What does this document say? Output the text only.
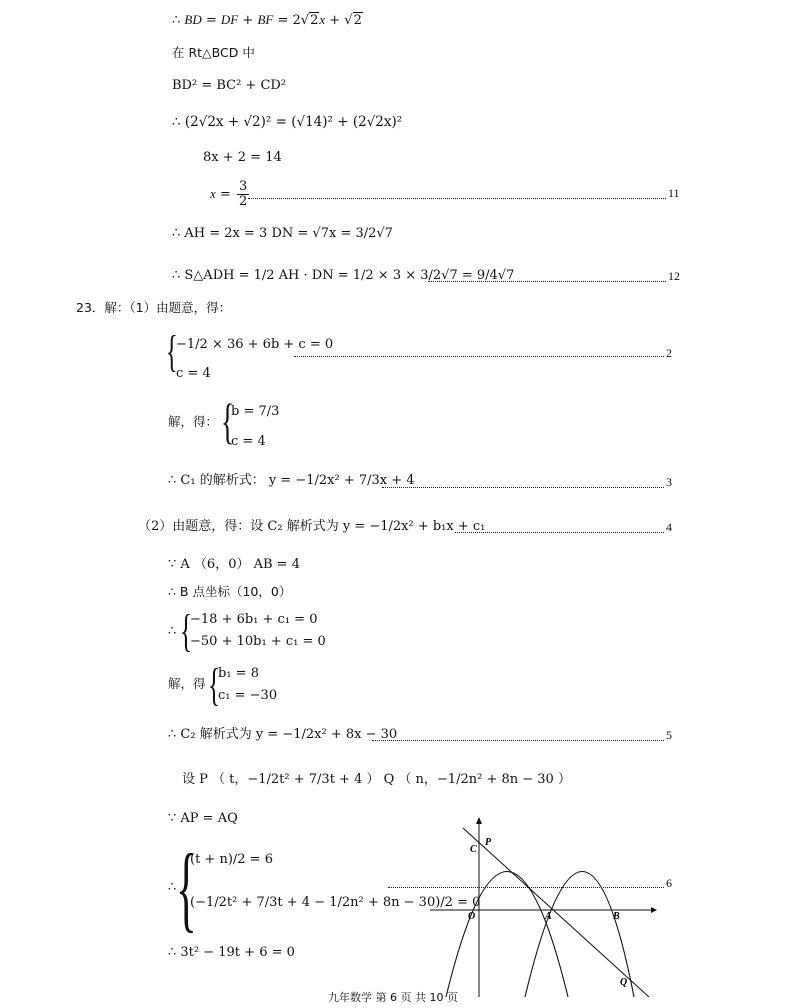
∴ BD = DF + BF = 2√2x + √2
在 Rt△BCD 中
BD² = BC² + CD²
∴ (2√2x + √2)² = (√14)² + (2√2x)²
8x + 2 = 14
$x = \frac{3}{2}$	11
∴ AH = 2x = 3 DN = √7x = 3/2√7
∴ S△ADH = 1/2 AH · DN = 1/2 × 3 × 3/2√7 = 9/4√7	12
23．解：（1）由题意，得：
{
−1/2 × 36 + 6b + c = 0
c = 4
2
解，得： {
b = 7/3
c = 4
∴ C₁ 的解析式： y = −1/2x² + 7/3x + 4	3
（2）由题意，得：设 C₂ 解析式为 y = −1/2x² + b₁x + c₁	4
∵ A （6，0） AB = 4
∴ B 点坐标（10，0）
{
∴
−18 + 6b₁ + c₁ = 0
−50 + 10b₁ + c₁ = 0
解，得 {
b₁ = 8
c₁ = −30
∴ C₂ 解析式为 y = −1/2x² + 8x − 30	5
设 P （ t，−1/2t² + 7/3t + 4 ） Q （ n，−1/2n² + 8n − 30 ）
∵ AP = AQ
∴ {
(t + n)/2 = 6
(−1/2t² + 7/3t + 4 − 1/2n² + 8n − 30)/2 = 0
6
∴ 3t² − 19t + 6 = 0
C
P
O	A	B
Q
九年数学 第 6 页 共 10 页
